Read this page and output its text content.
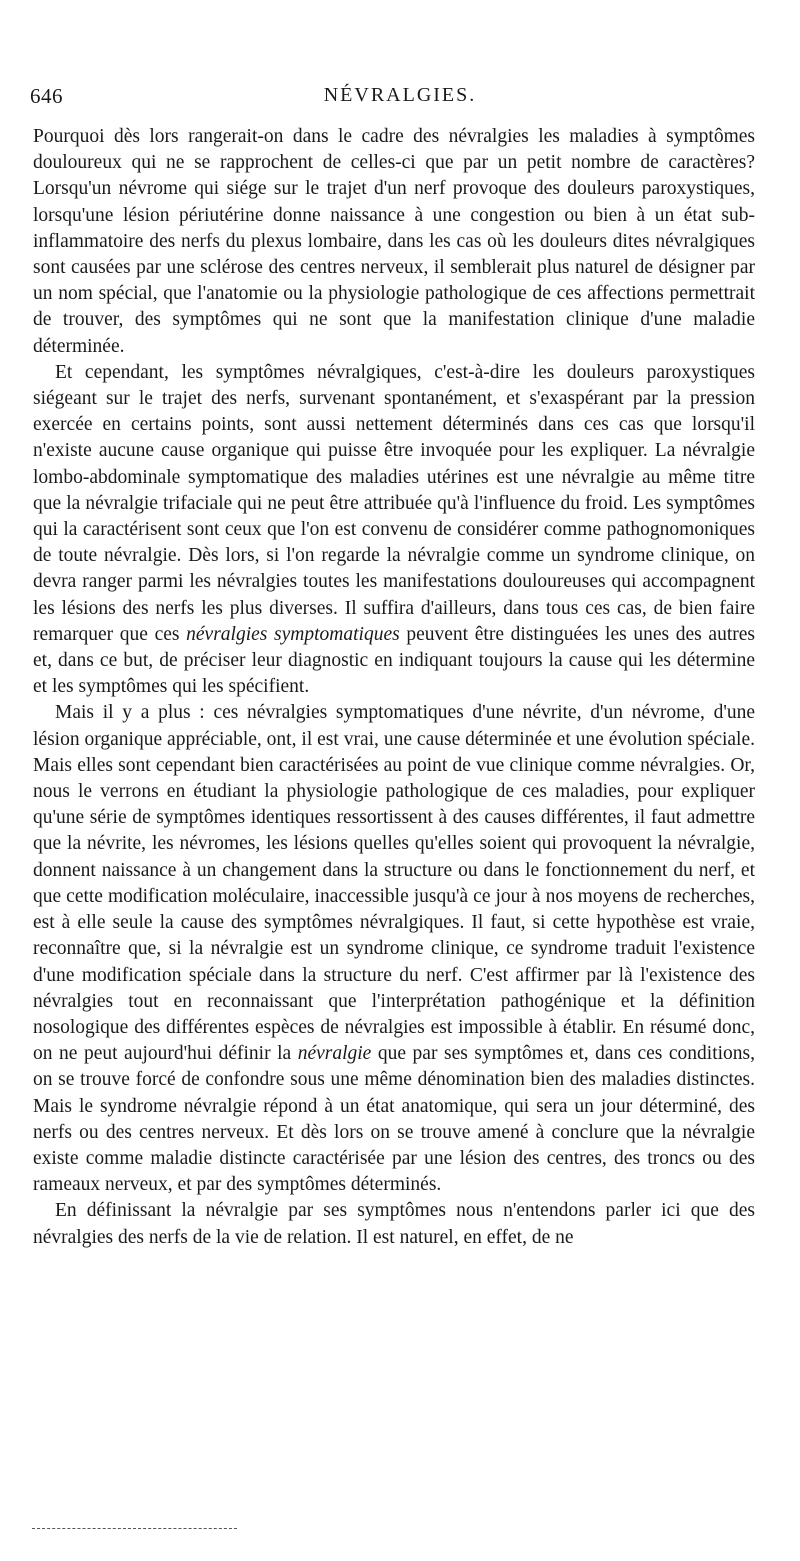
646	NÉVRALGIES.

Pourquoi dès lors rangerait-on dans le cadre des névralgies les maladies à symptômes douloureux qui ne se rapprochent de celles-ci que par un petit nombre de caractères? Lorsqu'un névrome qui siége sur le trajet d'un nerf provoque des douleurs paroxystiques, lorsqu'une lésion périutérine donne naissance à une congestion ou bien à un état sub-inflammatoire des nerfs du plexus lombaire, dans les cas où les douleurs dites névralgiques sont causées par une sclérose des centres nerveux, il semblerait plus naturel de désigner par un nom spécial, que l'anatomie ou la physiologie pathologique de ces affections permettrait de trouver, des symptômes qui ne sont que la manifestation clinique d'une maladie déterminée.

Et cependant, les symptômes névralgiques, c'est-à-dire les douleurs paroxystiques siégeant sur le trajet des nerfs, survenant spontanément, et s'exaspérant par la pression exercée en certains points, sont aussi nettement déterminés dans ces cas que lorsqu'il n'existe aucune cause organique qui puisse être invoquée pour les expliquer. La névralgie lombo-abdominale symptomatique des maladies utérines est une névralgie au même titre que la névralgie trifaciale qui ne peut être attribuée qu'à l'influence du froid. Les symptômes qui la caractérisent sont ceux que l'on est convenu de considérer comme pathognomoniques de toute névralgie. Dès lors, si l'on regarde la névralgie comme un syndrome clinique, on devra ranger parmi les névralgies toutes les manifestations douloureuses qui accompagnent les lésions des nerfs les plus diverses. Il suffira d'ailleurs, dans tous ces cas, de bien faire remarquer que ces névralgies symptomatiques peuvent être distinguées les unes des autres et, dans ce but, de préciser leur diagnostic en indiquant toujours la cause qui les détermine et les symptômes qui les spécifient.

Mais il y a plus : ces névralgies symptomatiques d'une névrite, d'un névrome, d'une lésion organique appréciable, ont, il est vrai, une cause déterminée et une évolution spéciale. Mais elles sont cependant bien caractérisées au point de vue clinique comme névralgies. Or, nous le verrons en étudiant la physiologie pathologique de ces maladies, pour expliquer qu'une série de symptômes identiques ressortissent à des causes différentes, il faut admettre que la névrite, les névromes, les lésions quelles qu'elles soient qui provoquent la névralgie, donnent naissance à un changement dans la structure ou dans le fonctionnement du nerf, et que cette modification moléculaire, inaccessible jusqu'à ce jour à nos moyens de recherches, est à elle seule la cause des symptômes névralgiques. Il faut, si cette hypothèse est vraie, reconnaître que, si la névralgie est un syndrome clinique, ce syndrome traduit l'existence d'une modification spéciale dans la structure du nerf. C'est affirmer par là l'existence des névralgies tout en reconnaissant que l'interprétation pathogénique et la définition nosologique des différentes espèces de névralgies est impossible à établir. En résumé donc, on ne peut aujourd'hui définir la névralgie que par ses symptômes et, dans ces conditions, on se trouve forcé de confondre sous une même dénomination bien des maladies distinctes. Mais le syndrome névralgie répond à un état anatomique, qui sera un jour déterminé, des nerfs ou des centres nerveux. Et dès lors on se trouve amené à conclure que la névralgie existe comme maladie distincte caractérisée par une lésion des centres, des troncs ou des rameaux nerveux, et par des symptômes déterminés.

En définissant la névralgie par ses symptômes nous n'entendons parler ici que des névralgies des nerfs de la vie de relation. Il est naturel, en effet, de ne
